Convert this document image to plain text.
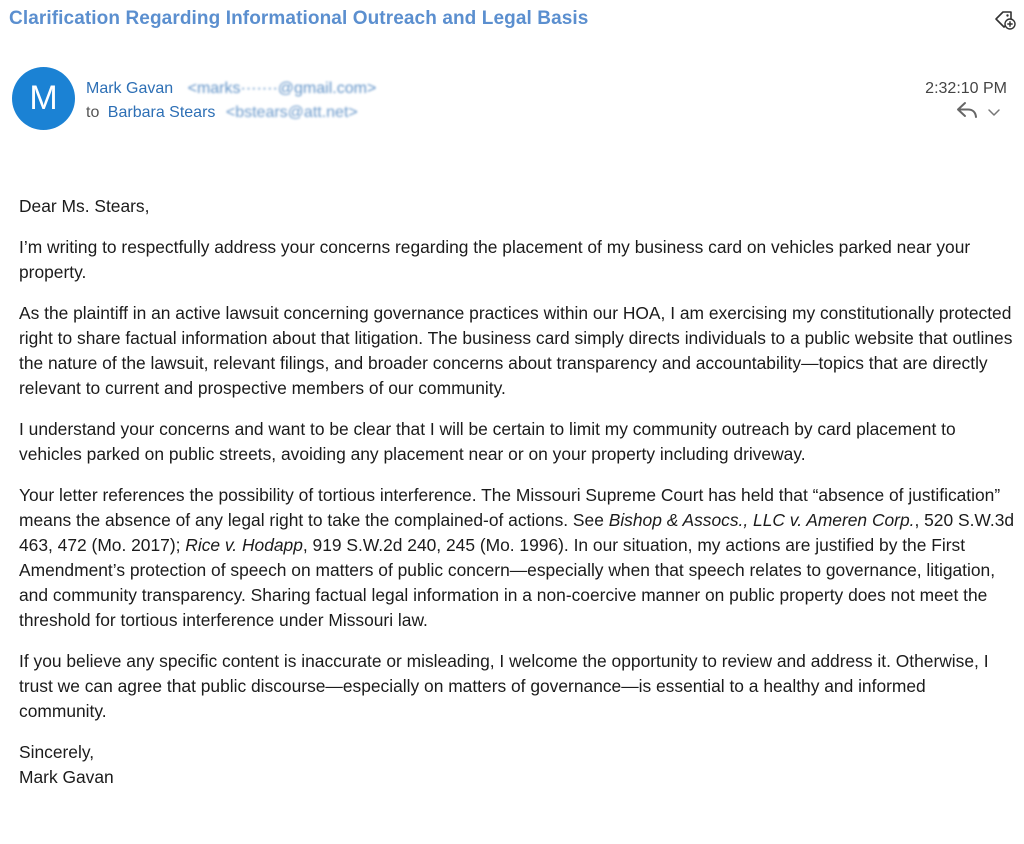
Clarification Regarding Informational Outreach and Legal Basis
M Mark Gavan <marks·······@gmail.com>
to Barbara Stears <bstears@att.net>
2:32:10 PM

Dear Ms. Stears,

I’m writing to respectfully address your concerns regarding the placement of my business card on vehicles parked near your property.

As the plaintiff in an active lawsuit concerning governance practices within our HOA, I am exercising my constitutionally protected right to share factual information about that litigation. The business card simply directs individuals to a public website that outlines the nature of the lawsuit, relevant filings, and broader concerns about transparency and accountability—topics that are directly relevant to current and prospective members of our community.

I understand your concerns and want to be clear that I will be certain to limit my community outreach by card placement to vehicles parked on public streets, avoiding any placement near or on your property including driveway.

Your letter references the possibility of tortious interference. The Missouri Supreme Court has held that “absence of justification” means the absence of any legal right to take the complained-of actions. See Bishop & Assocs., LLC v. Ameren Corp., 520 S.W.3d 463, 472 (Mo. 2017); Rice v. Hodapp, 919 S.W.2d 240, 245 (Mo. 1996). In our situation, my actions are justified by the First Amendment’s protection of speech on matters of public concern—especially when that speech relates to governance, litigation, and community transparency. Sharing factual legal information in a non-coercive manner on public property does not meet the threshold for tortious interference under Missouri law.

If you believe any specific content is inaccurate or misleading, I welcome the opportunity to review and address it. Otherwise, I trust we can agree that public discourse—especially on matters of governance—is essential to a healthy and informed community.

Sincerely,

Mark Gavan
